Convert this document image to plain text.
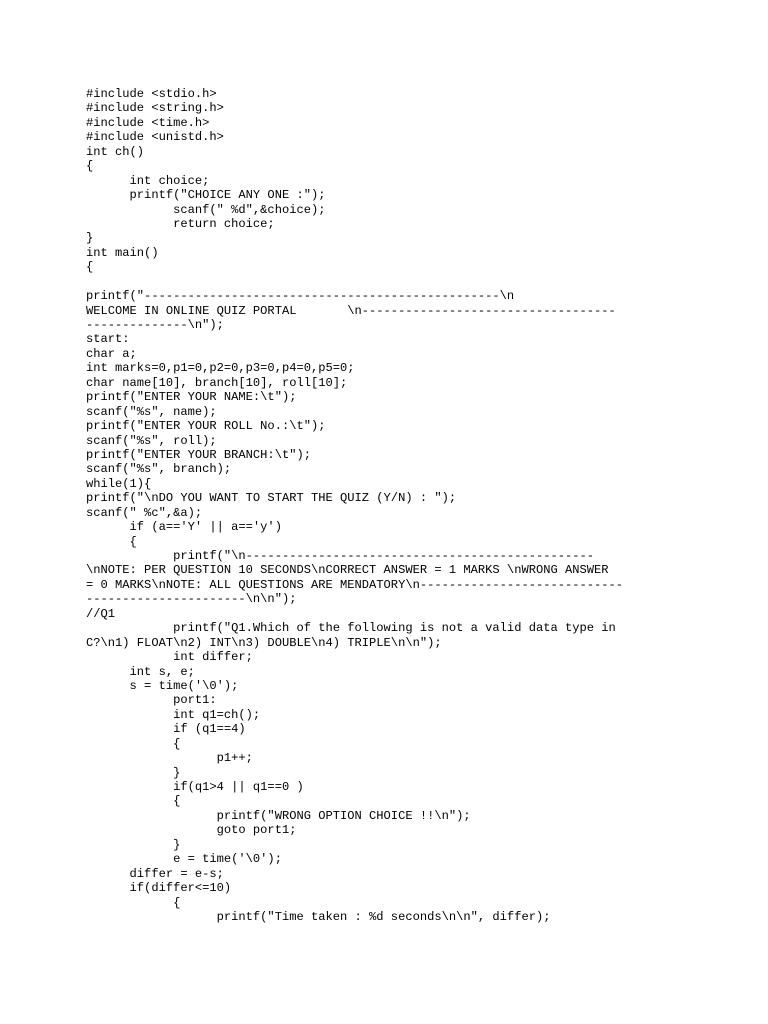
#include <stdio.h>
#include <string.h>
#include <time.h>
#include <unistd.h>
int ch()
{
int choice;
printf("CHOICE ANY ONE :");
scanf(" %d",&choice);
return choice;
}
int main()
{
printf("-------------------------------------------------\n
WELCOME IN ONLINE QUIZ PORTAL       \n-----------------------------------
--------------\n");
start:
char a;
int marks=0,p1=0,p2=0,p3=0,p4=0,p5=0;
char name[10], branch[10], roll[10];
printf("ENTER YOUR NAME:\t");
scanf("%s", name);
printf("ENTER YOUR ROLL No.:\t");
scanf("%s", roll);
printf("ENTER YOUR BRANCH:\t");
scanf("%s", branch);
while(1){
printf("\nDO YOU WANT TO START THE QUIZ (Y/N) : ");
scanf(" %c",&a);
if (a=='Y' || a=='y')
{
printf("\n------------------------------------------------
\nNOTE: PER QUESTION 10 SECONDS\nCORRECT ANSWER = 1 MARKS \nWRONG ANSWER
= 0 MARKS\nNOTE: ALL QUESTIONS ARE MENDATORY\n----------------------------
----------------------\n\n");
//Q1
printf("Q1.Which of the following is not a valid data type in
C?\n1) FLOAT\n2) INT\n3) DOUBLE\n4) TRIPLE\n\n");
int differ;
int s, e;
s = time('\0');
port1:
int q1=ch();
if (q1==4)
{
p1++;
}
if(q1>4 || q1==0 )
{
printf("WRONG OPTION CHOICE !!\n");
goto port1;
}
e = time('\0');
differ = e-s;
if(differ<=10)
{
printf("Time taken : %d seconds\n\n", differ);
